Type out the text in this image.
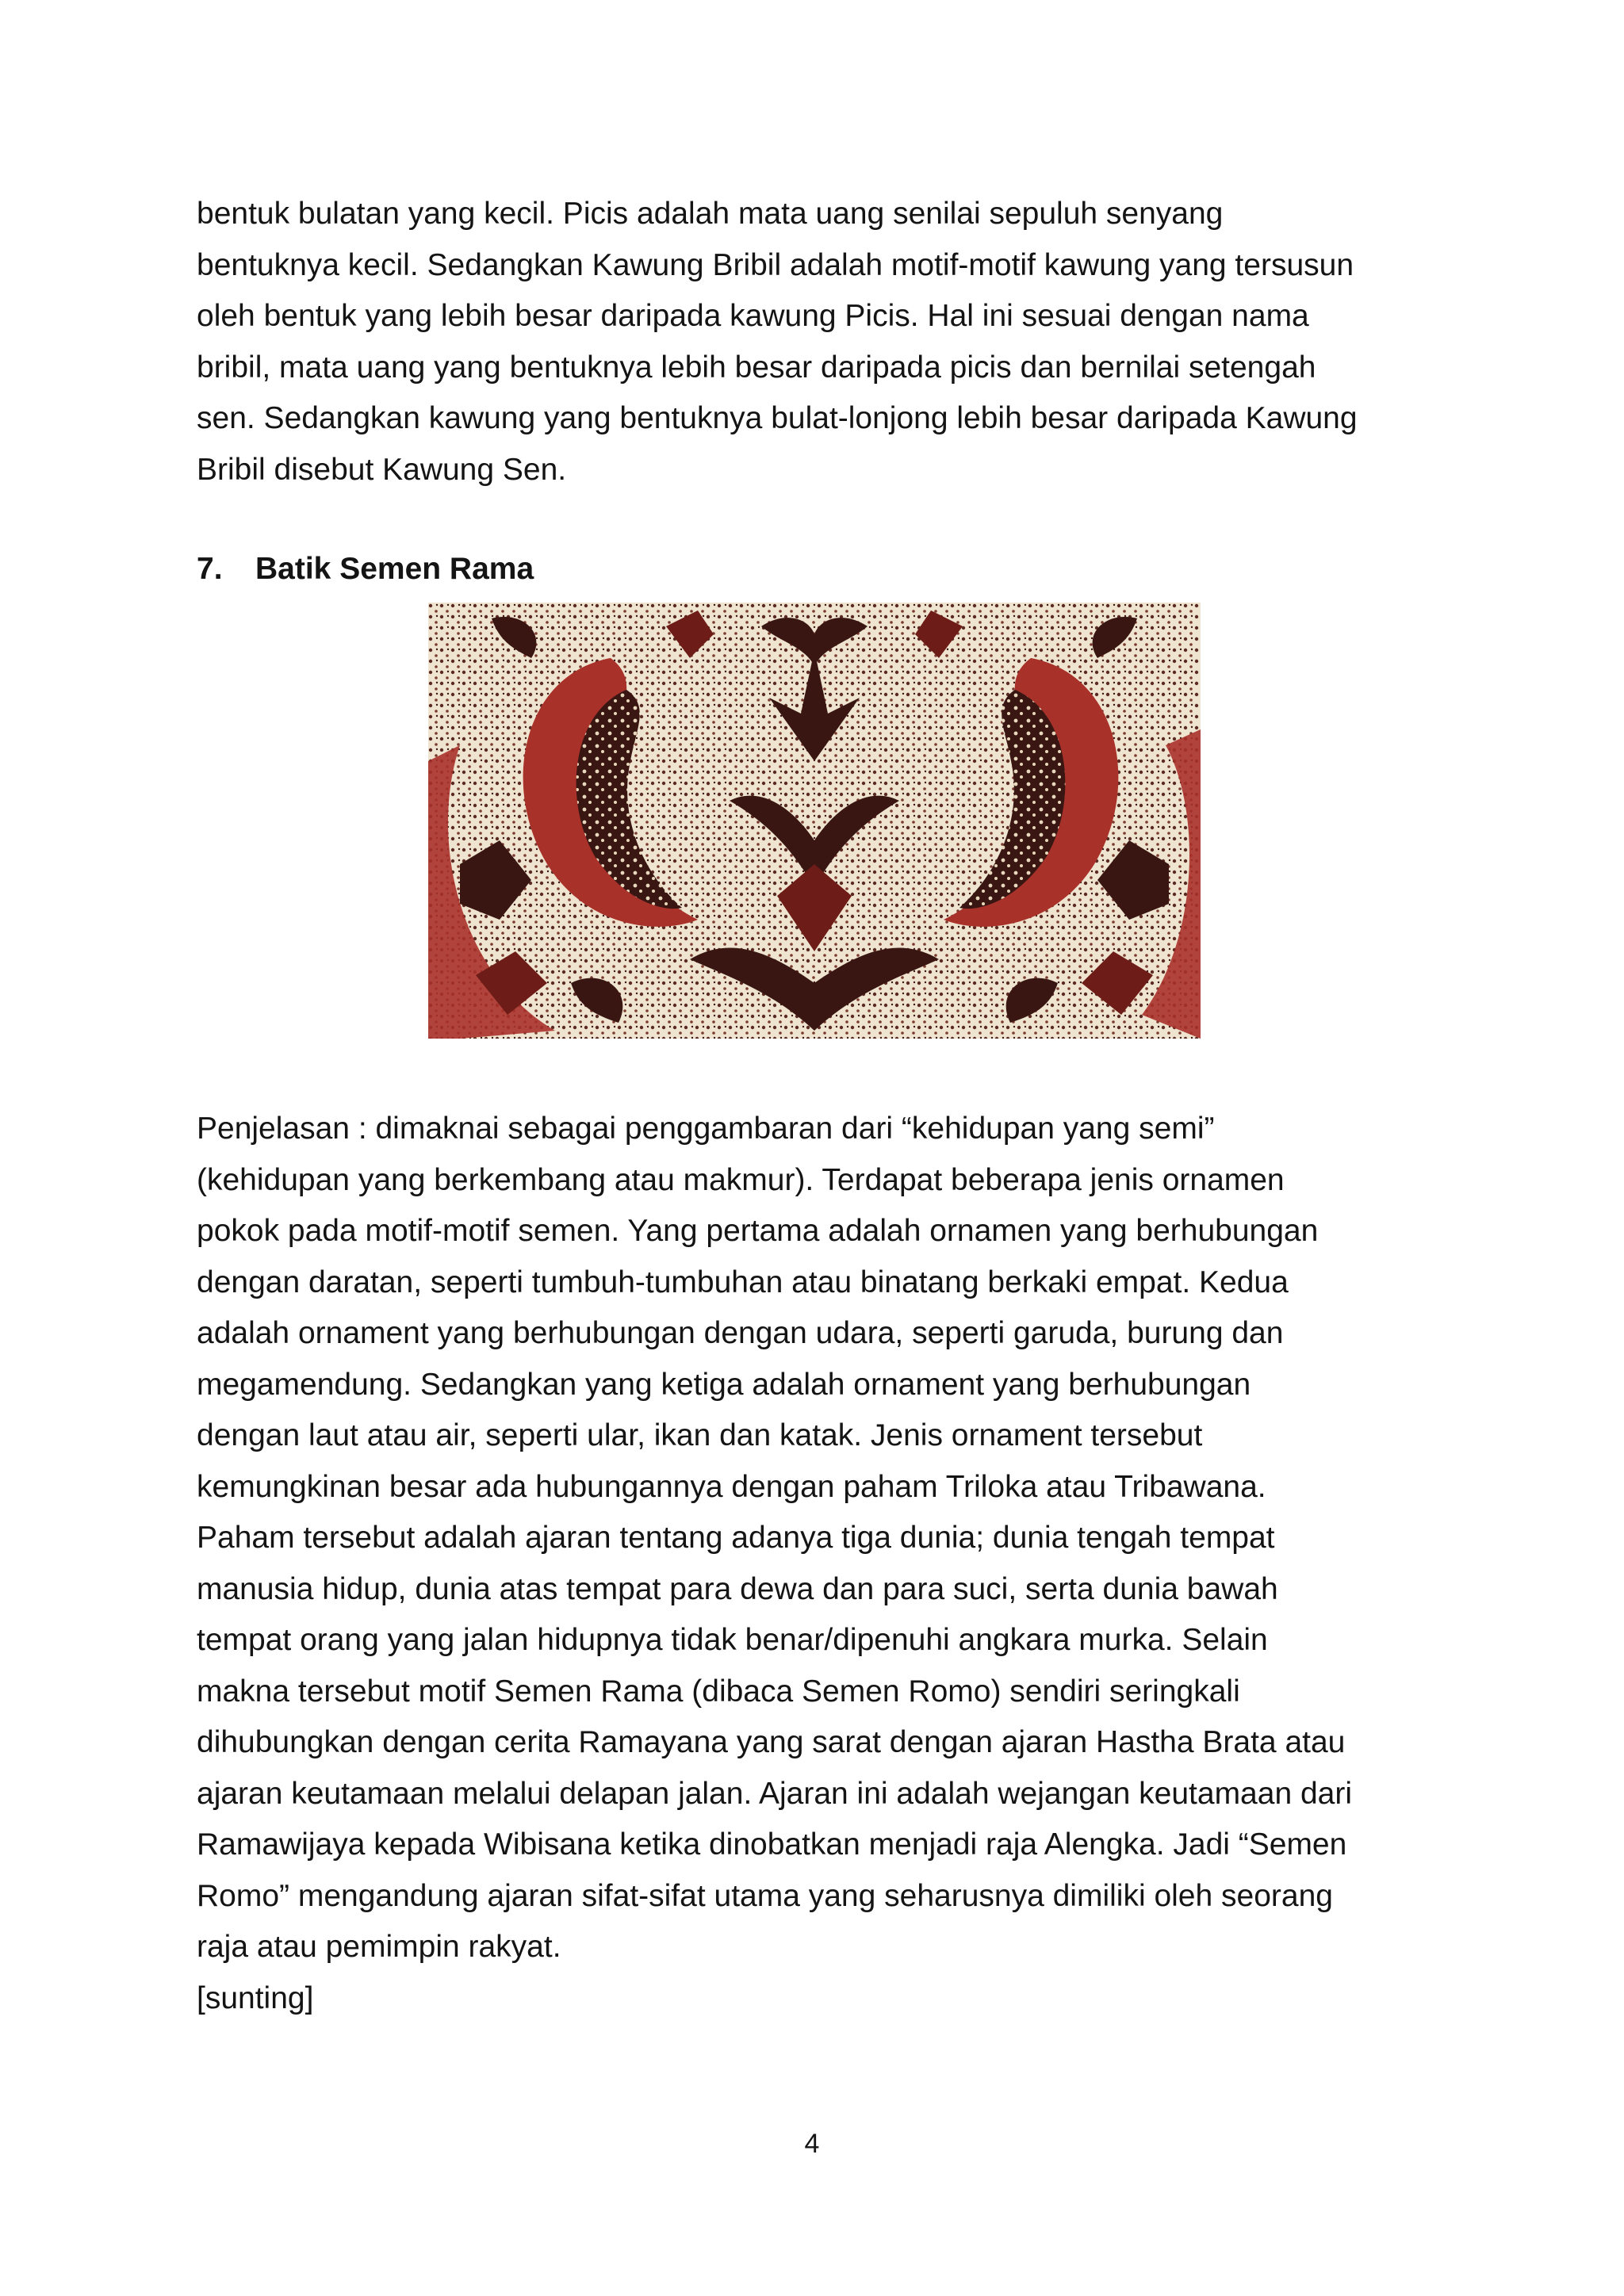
bentuk bulatan yang kecil. Picis adalah mata uang senilai sepuluh senyang
bentuknya kecil. Sedangkan Kawung Bribil adalah motif-motif kawung yang tersusun
oleh bentuk yang lebih besar daripada kawung Picis. Hal ini sesuai dengan nama
bribil, mata uang yang bentuknya lebih besar daripada picis dan bernilai setengah
sen. Sedangkan kawung yang bentuknya bulat-lonjong lebih besar daripada Kawung
Bribil disebut Kawung Sen.
7. Batik Semen Rama
Penjelasan : dimaknai sebagai penggambaran dari “kehidupan yang semi”
(kehidupan yang berkembang atau makmur). Terdapat beberapa jenis ornamen
pokok pada motif-motif semen. Yang pertama adalah ornamen yang berhubungan
dengan daratan, seperti tumbuh-tumbuhan atau binatang berkaki empat. Kedua
adalah ornament yang berhubungan dengan udara, seperti garuda, burung dan
megamendung. Sedangkan yang ketiga adalah ornament yang berhubungan
dengan laut atau air, seperti ular, ikan dan katak. Jenis ornament tersebut
kemungkinan besar ada hubungannya dengan paham Triloka atau Tribawana.
Paham tersebut adalah ajaran tentang adanya tiga dunia; dunia tengah tempat
manusia hidup, dunia atas tempat para dewa dan para suci, serta dunia bawah
tempat orang yang jalan hidupnya tidak benar/dipenuhi angkara murka. Selain
makna tersebut motif Semen Rama (dibaca Semen Romo) sendiri seringkali
dihubungkan dengan cerita Ramayana yang sarat dengan ajaran Hastha Brata atau
ajaran keutamaan melalui delapan jalan. Ajaran ini adalah wejangan keutamaan dari
Ramawijaya kepada Wibisana ketika dinobatkan menjadi raja Alengka. Jadi “Semen
Romo” mengandung ajaran sifat-sifat utama yang seharusnya dimiliki oleh seorang
raja atau pemimpin rakyat.
[sunting]
4
